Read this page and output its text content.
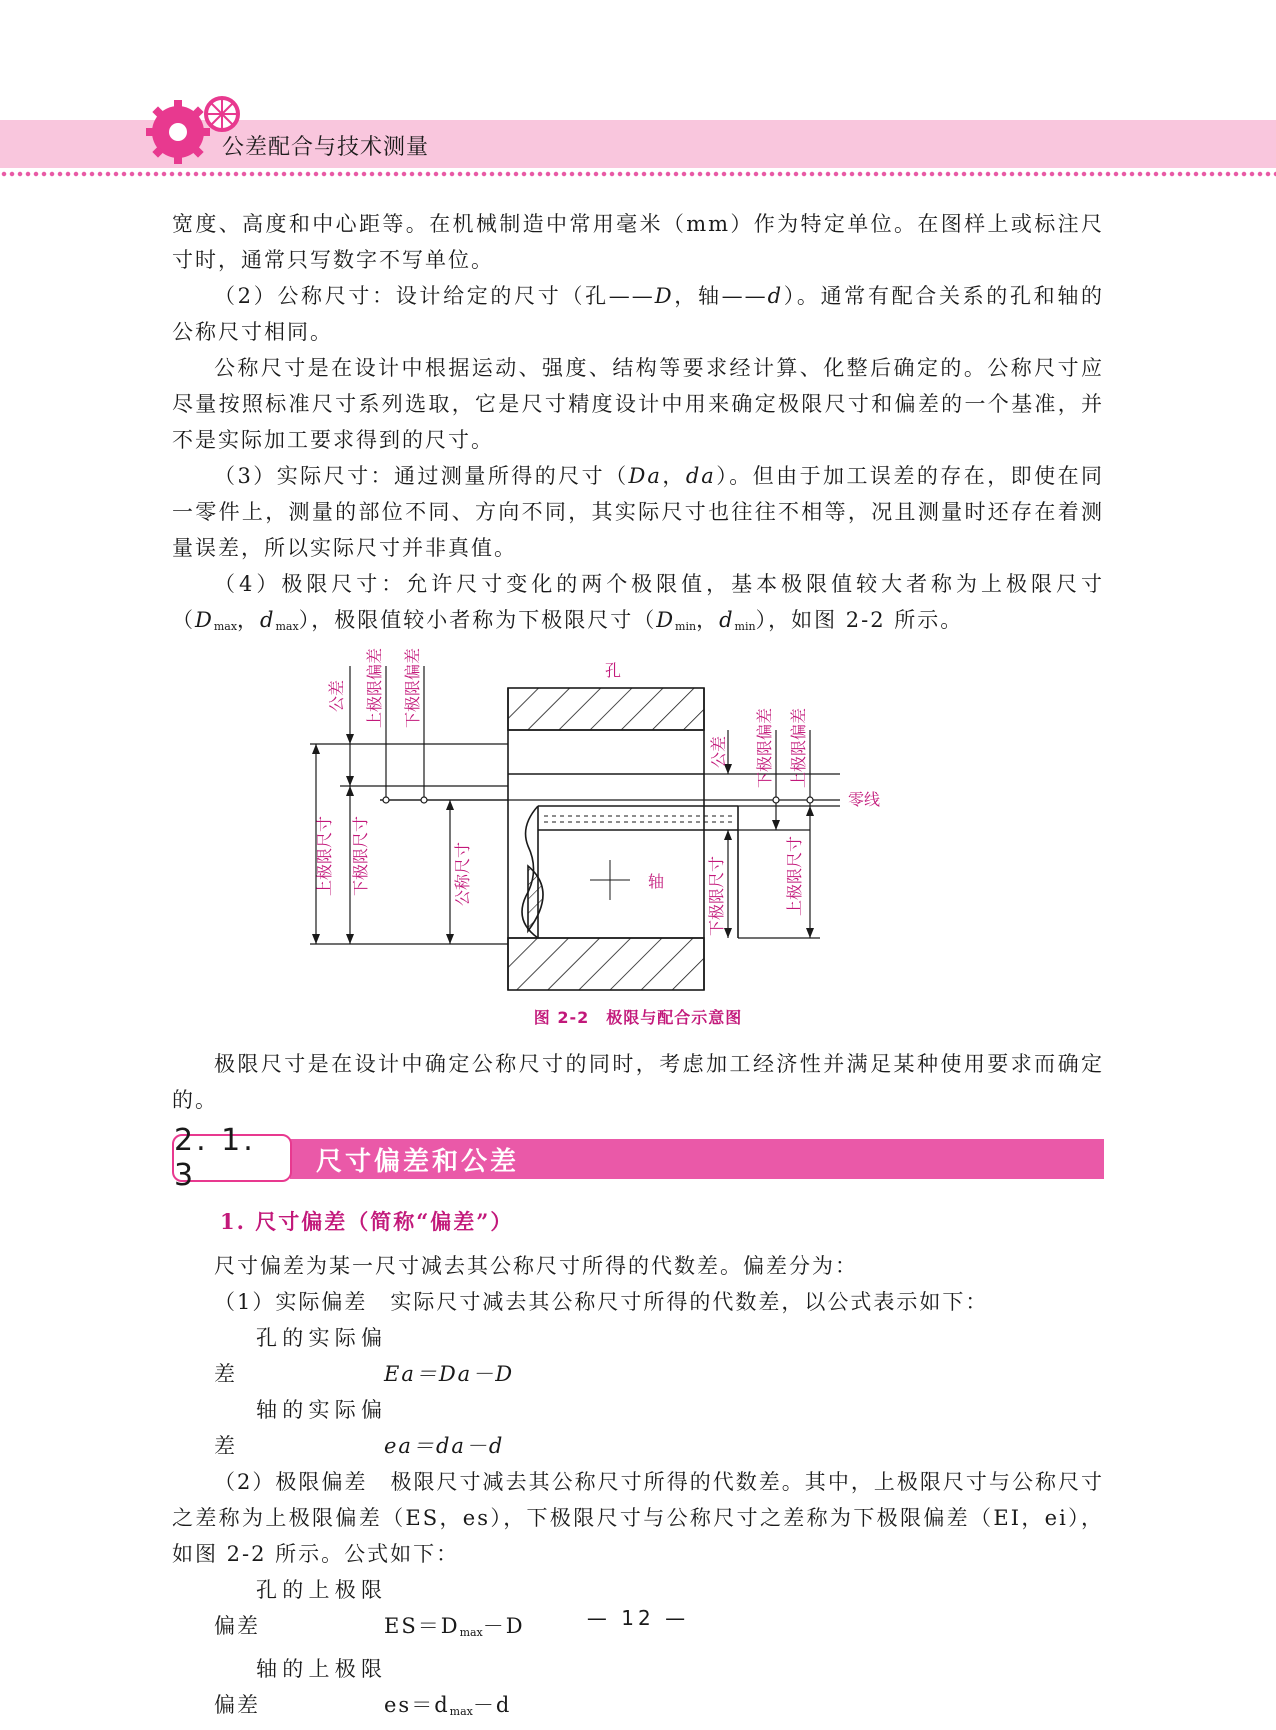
公差配合与技术测量

宽度、高度和中心距等。在机械制造中常用毫米（mm）作为特定单位。在图样上或标注尺寸时，通常只写数字不写单位。

（2）公称尺寸：设计给定的尺寸（孔——D，轴——d）。通常有配合关系的孔和轴的公称尺寸相同。

公称尺寸是在设计中根据运动、强度、结构等要求经计算、化整后确定的。公称尺寸应尽量按照标准尺寸系列选取，它是尺寸精度设计中用来确定极限尺寸和偏差的一个基准，并不是实际加工要求得到的尺寸。

（3）实际尺寸：通过测量所得的尺寸（Da，da）。但由于加工误差的存在，即使在同一零件上，测量的部位不同、方向不同，其实际尺寸也往往不相等，况且测量时还存在着测量误差，所以实际尺寸并非真值。

（4）极限尺寸：允许尺寸变化的两个极限值，基本极限值较大者称为上极限尺寸（$D_{max}$，$d_{max}$），极限值较小者称为下极限尺寸（$D_{min}$，$d_{min}$），如图 2-2 所示。

孔
轴
零线
公差 上极限偏差 下极限偏差
上极限尺寸 下极限尺寸	公称尺寸
公差 下极限偏差 上极限偏差
下极限尺寸	上极限尺寸
图 2-2　极限与配合示意图

极限尺寸是在设计中确定公称尺寸的同时，考虑加工经济性并满足某种使用要求而确定的。

尺寸偏差和公差
2. 1. 3
1. 尺寸偏差（简称“偏差”）

尺寸偏差为某一尺寸减去其公称尺寸所得的代数差。偏差分为：

（1）实际偏差　实际尺寸减去其公称尺寸所得的代数差，以公式表示如下：

孔的实际偏差	Ea＝Da－D

轴的实际偏差	ea＝da－d

（2）极限偏差　极限尺寸减去其公称尺寸所得的代数差。其中，上极限尺寸与公称尺寸之差称为上极限偏差（ES，es），下极限尺寸与公称尺寸之差称为下极限偏差（EI，ei），如图 2-2 所示。公式如下：

孔的上极限偏差	$ES=D_{max}-D$

轴的上极限偏差	$es=d_{max}-d$

— 12 —
